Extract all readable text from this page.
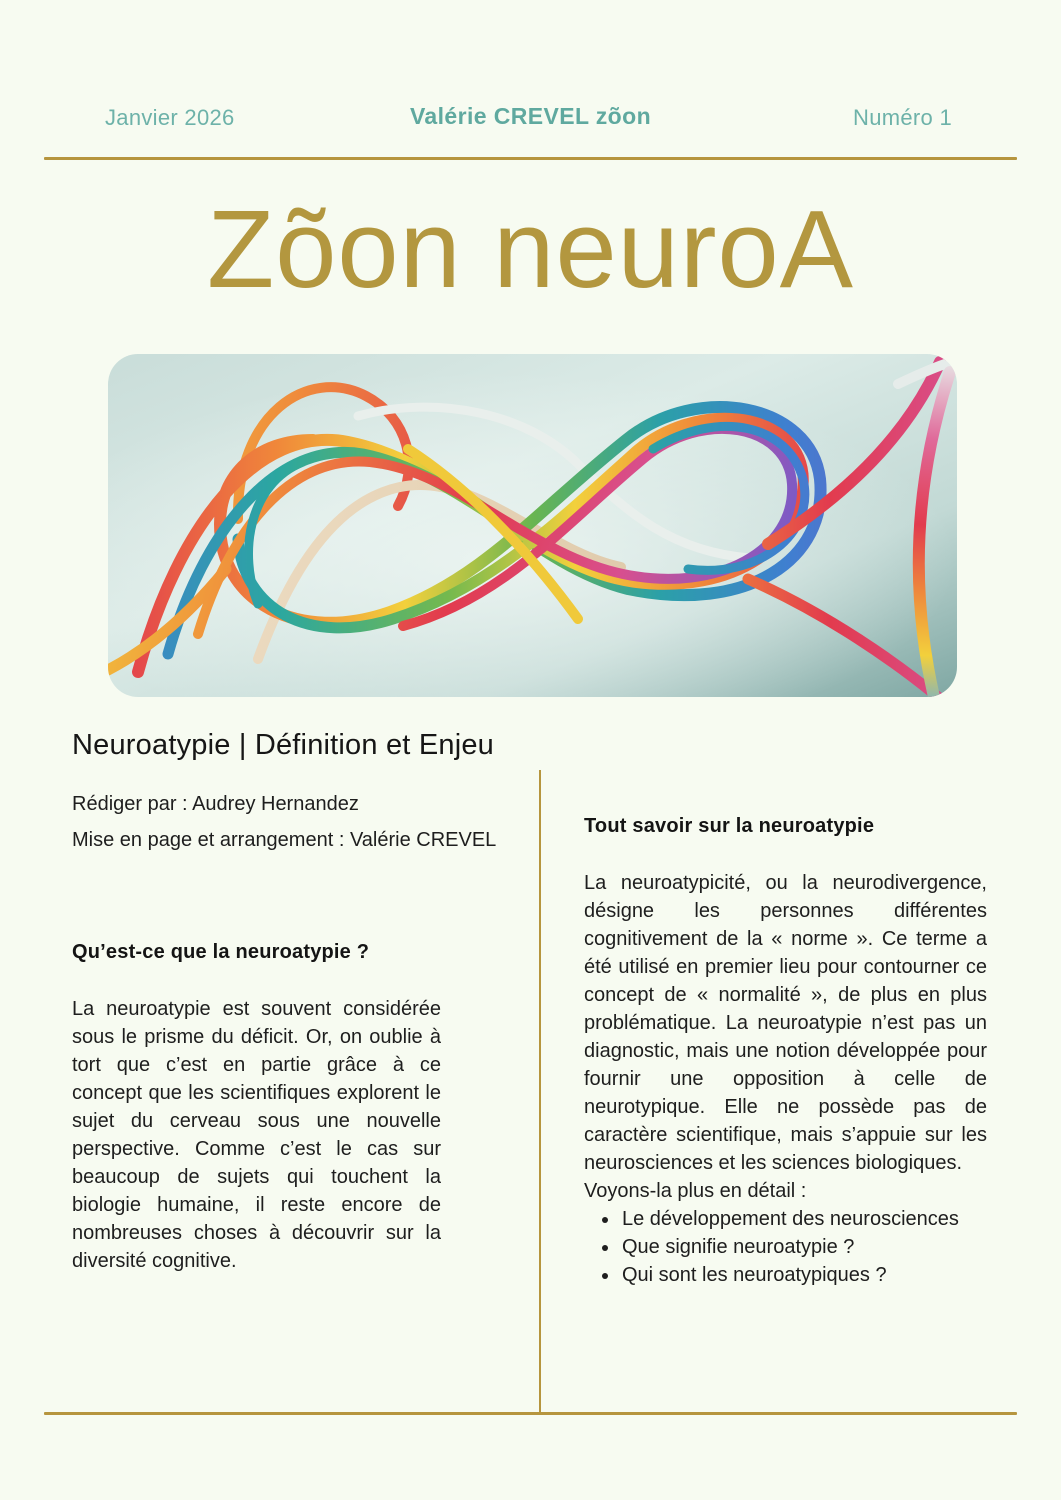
Janvier 2026	Valérie CREVEL zõon	Numéro 1
Zõon neuroA
Neuroatypie | Définition et Enjeu
Rédiger par : Audrey Hernandez
Mise en page et arrangement : Valérie CREVEL
Qu’est-ce que la neuroatypie ?

La neuroatypie est souvent considérée sous le prisme du déficit. Or, on oublie à tort que c’est en partie grâce à ce concept que les scientifiques explorent le sujet du cerveau sous une nouvelle perspective. Comme c’est le cas sur beaucoup de sujets qui touchent la biologie humaine, il reste encore de nombreuses choses à découvrir sur la diversité cognitive.

Tout savoir sur la neuroatypie

La neuroatypicité, ou la neurodivergence, désigne les personnes différentes cognitivement de la « norme ». Ce terme a été utilisé en premier lieu pour contourner ce concept de « normalité », de plus en plus problématique. La neuroatypie n’est pas un diagnostic, mais une notion développée pour fournir une opposition à celle de neurotypique. Elle ne possède pas de caractère scientifique, mais s’appuie sur les neurosciences et les sciences biologiques.

Voyons-la plus en détail :

• Le développement des neurosciences
• Que signifie neuroatypie ?
• Qui sont les neuroatypiques ?
